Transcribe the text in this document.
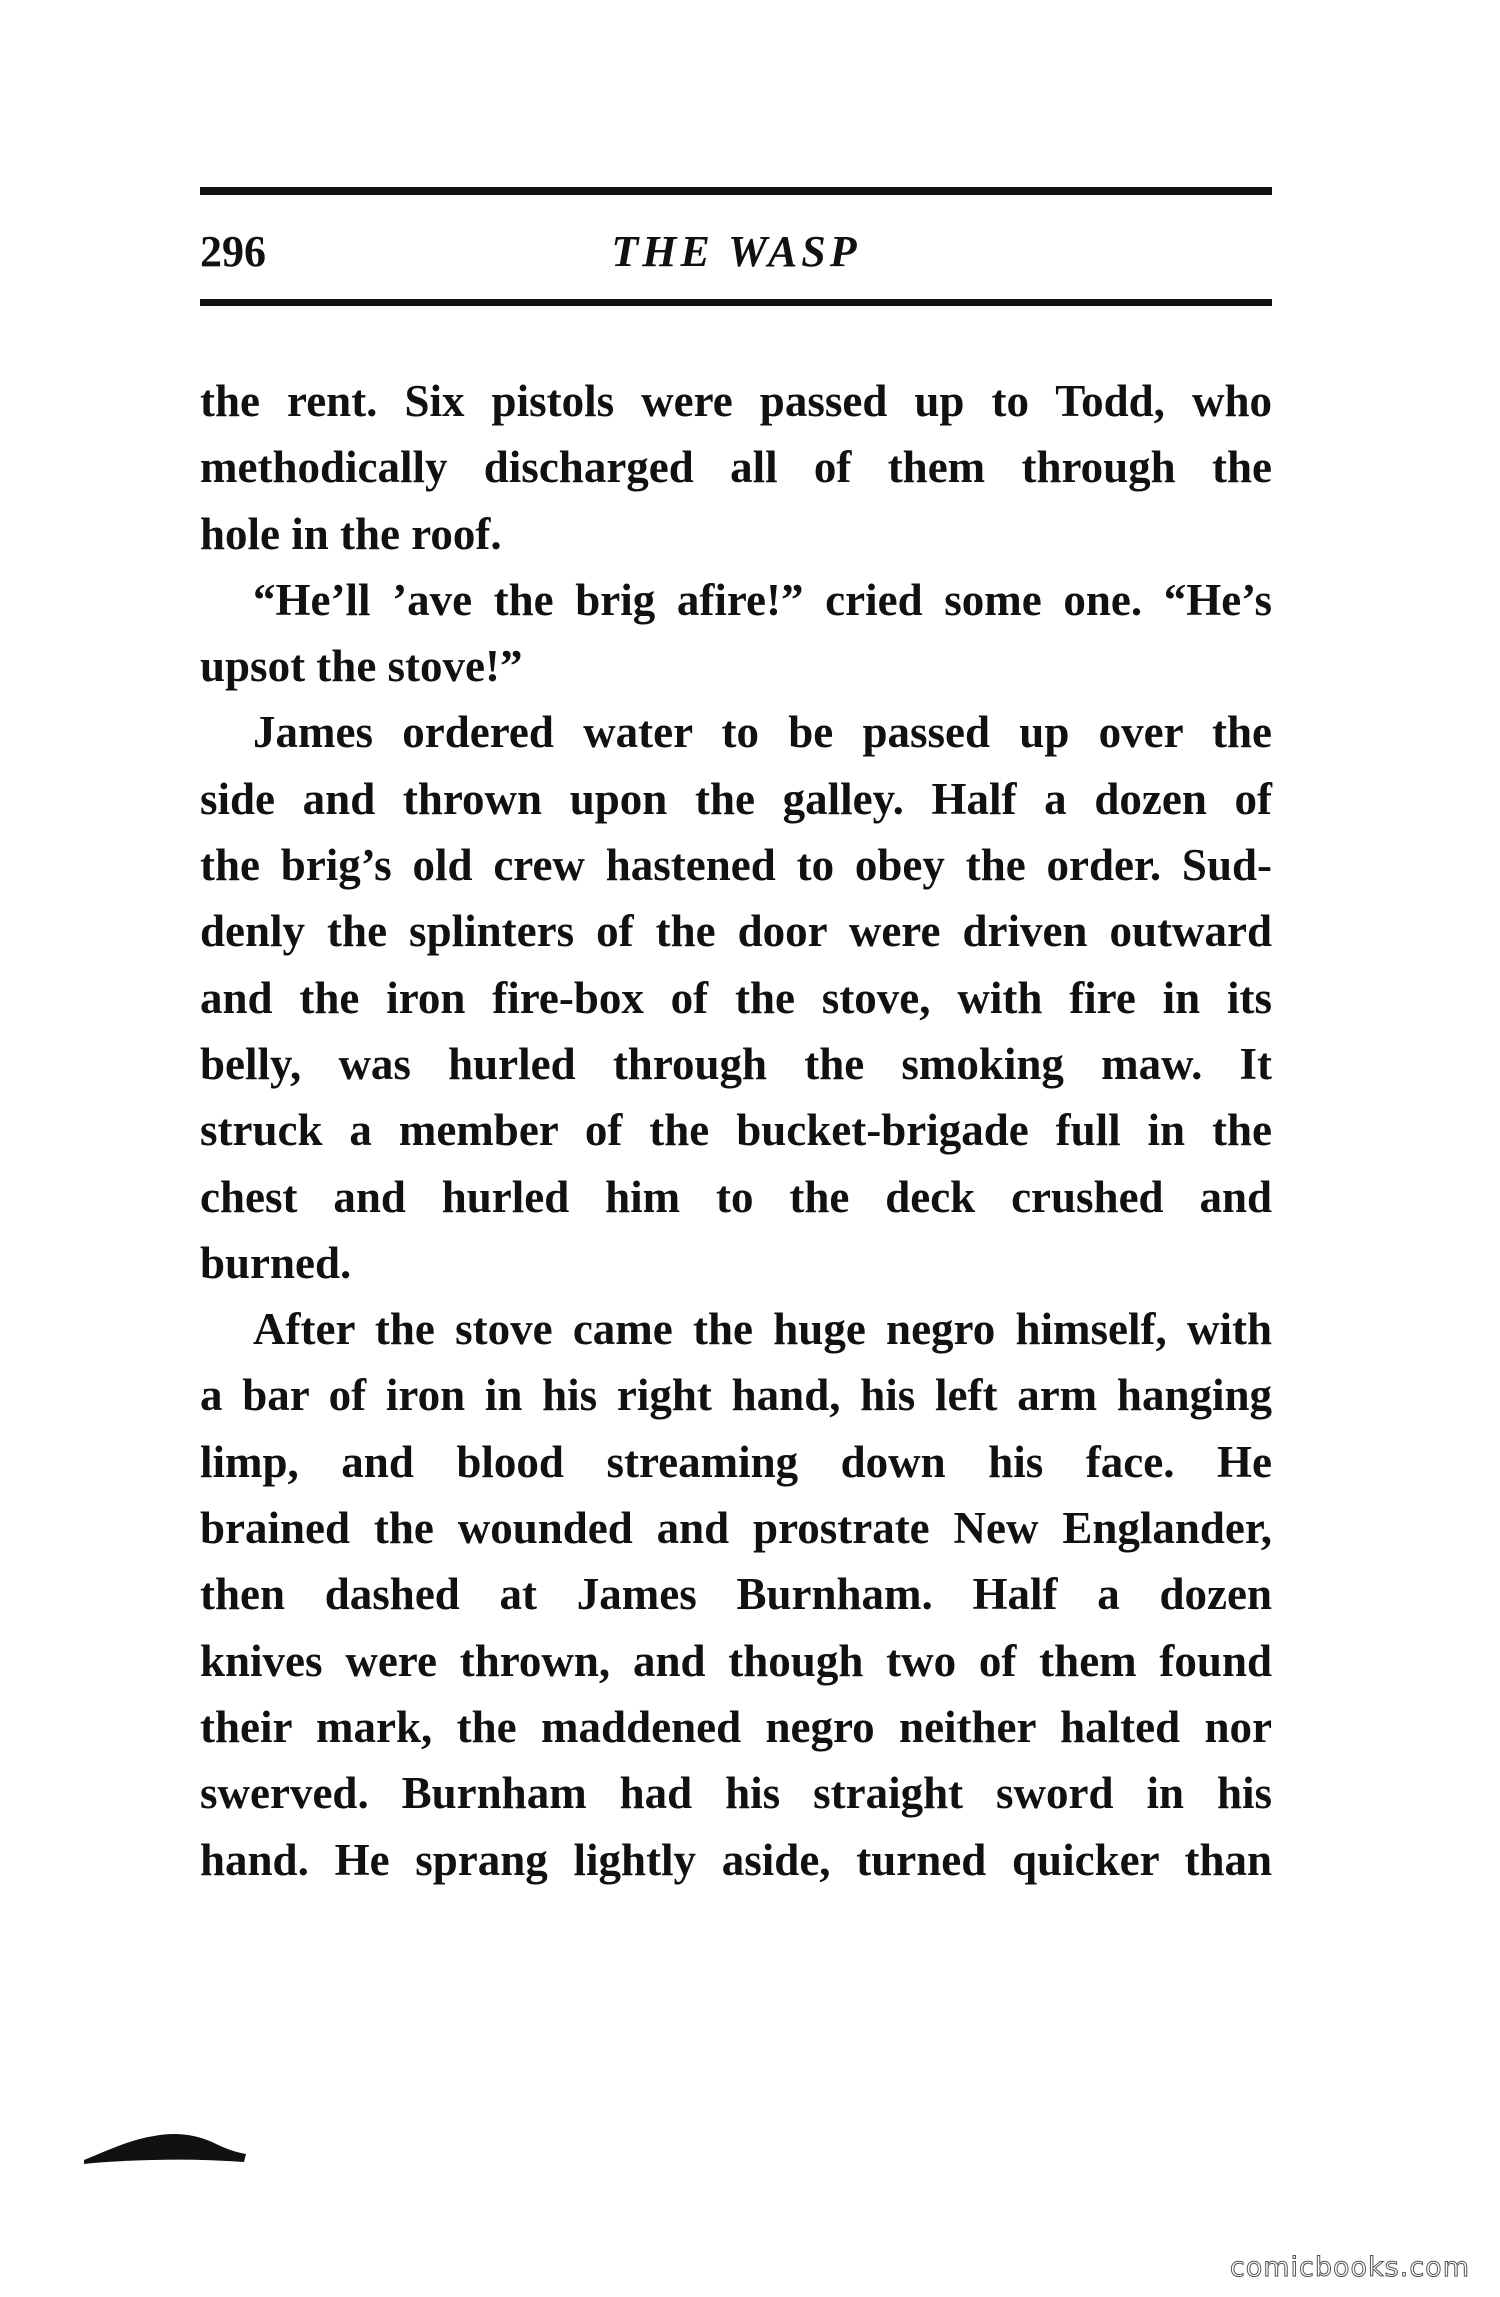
296	THE WASP
the rent. Six pistols were passed up to Todd, who
methodically discharged all of them through the
hole in the roof.
“He’ll ’ave the brig afire!” cried some one. “He’s
upsot the stove!”
James ordered water to be passed up over the
side and thrown upon the galley. Half a dozen of
the brig’s old crew hastened to obey the order. Sud-
denly the splinters of the door were driven outward
and the iron fire-box of the stove, with fire in its
belly, was hurled through the smoking maw. It
struck a member of the bucket-brigade full in the
chest and hurled him to the deck crushed and
burned.
After the stove came the huge negro himself, with
a bar of iron in his right hand, his left arm hanging
limp, and blood streaming down his face. He
brained the wounded and prostrate New Englander,
then dashed at James Burnham. Half a dozen
knives were thrown, and though two of them found
their mark, the maddened negro neither halted nor
swerved. Burnham had his straight sword in his
hand. He sprang lightly aside, turned quicker than
comicbooks.com
